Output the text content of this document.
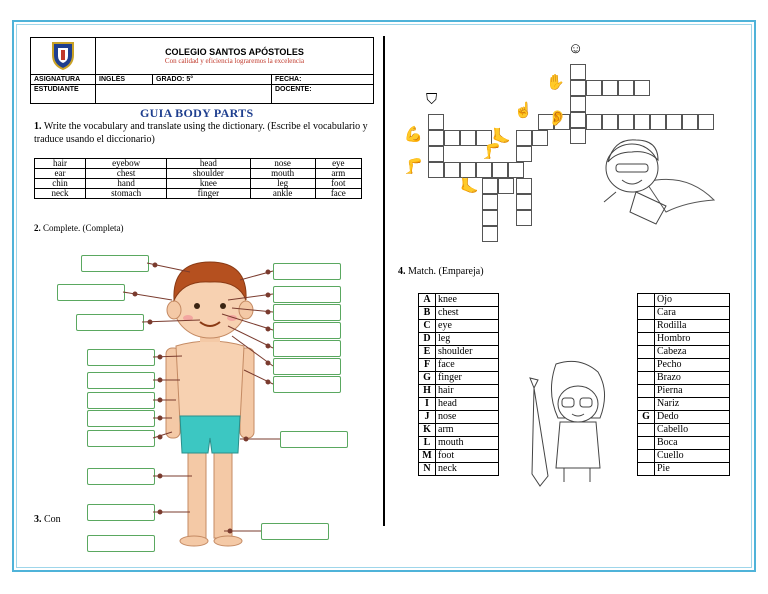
COLEGIO SANTOS APÓSTOLES
Con calidad y eficiencia lograremos la excelencia		

ASIGNATURA	INGLÉS	GRADO: 5°	FECHA:
ESTUDIANTE			DOCENTE:
GUIA BODY PARTS
1. Write the vocabulary and translate using the dictionary. (Escribe el vocabulario y traduce usando el diccionario)
hair	eyebow	head	nose	eye
ear	chest	shoulder	mouth	arm
chin	hand	knee	leg	foot
neck	stomach	finger	ankle	face
2. Complete. (Completa)
3. Con
☺
✋
⛉
☝
💪
🦵
🦶
🦵
🦶
👂
4. Match. (Empareja)
A	knee
B	chest
C	eye
D	leg
E	shoulder
F	face
G	finger
H	hair
I	head
J	nose
K	arm
L	mouth
M	foot
N	neck
	Ojo
	Cara
	Rodilla
	Hombro
	Cabeza
	Pecho
	Brazo
	Pierna
	Nariz
G	Dedo
	Cabello
	Boca
	Cuello
	Pie
